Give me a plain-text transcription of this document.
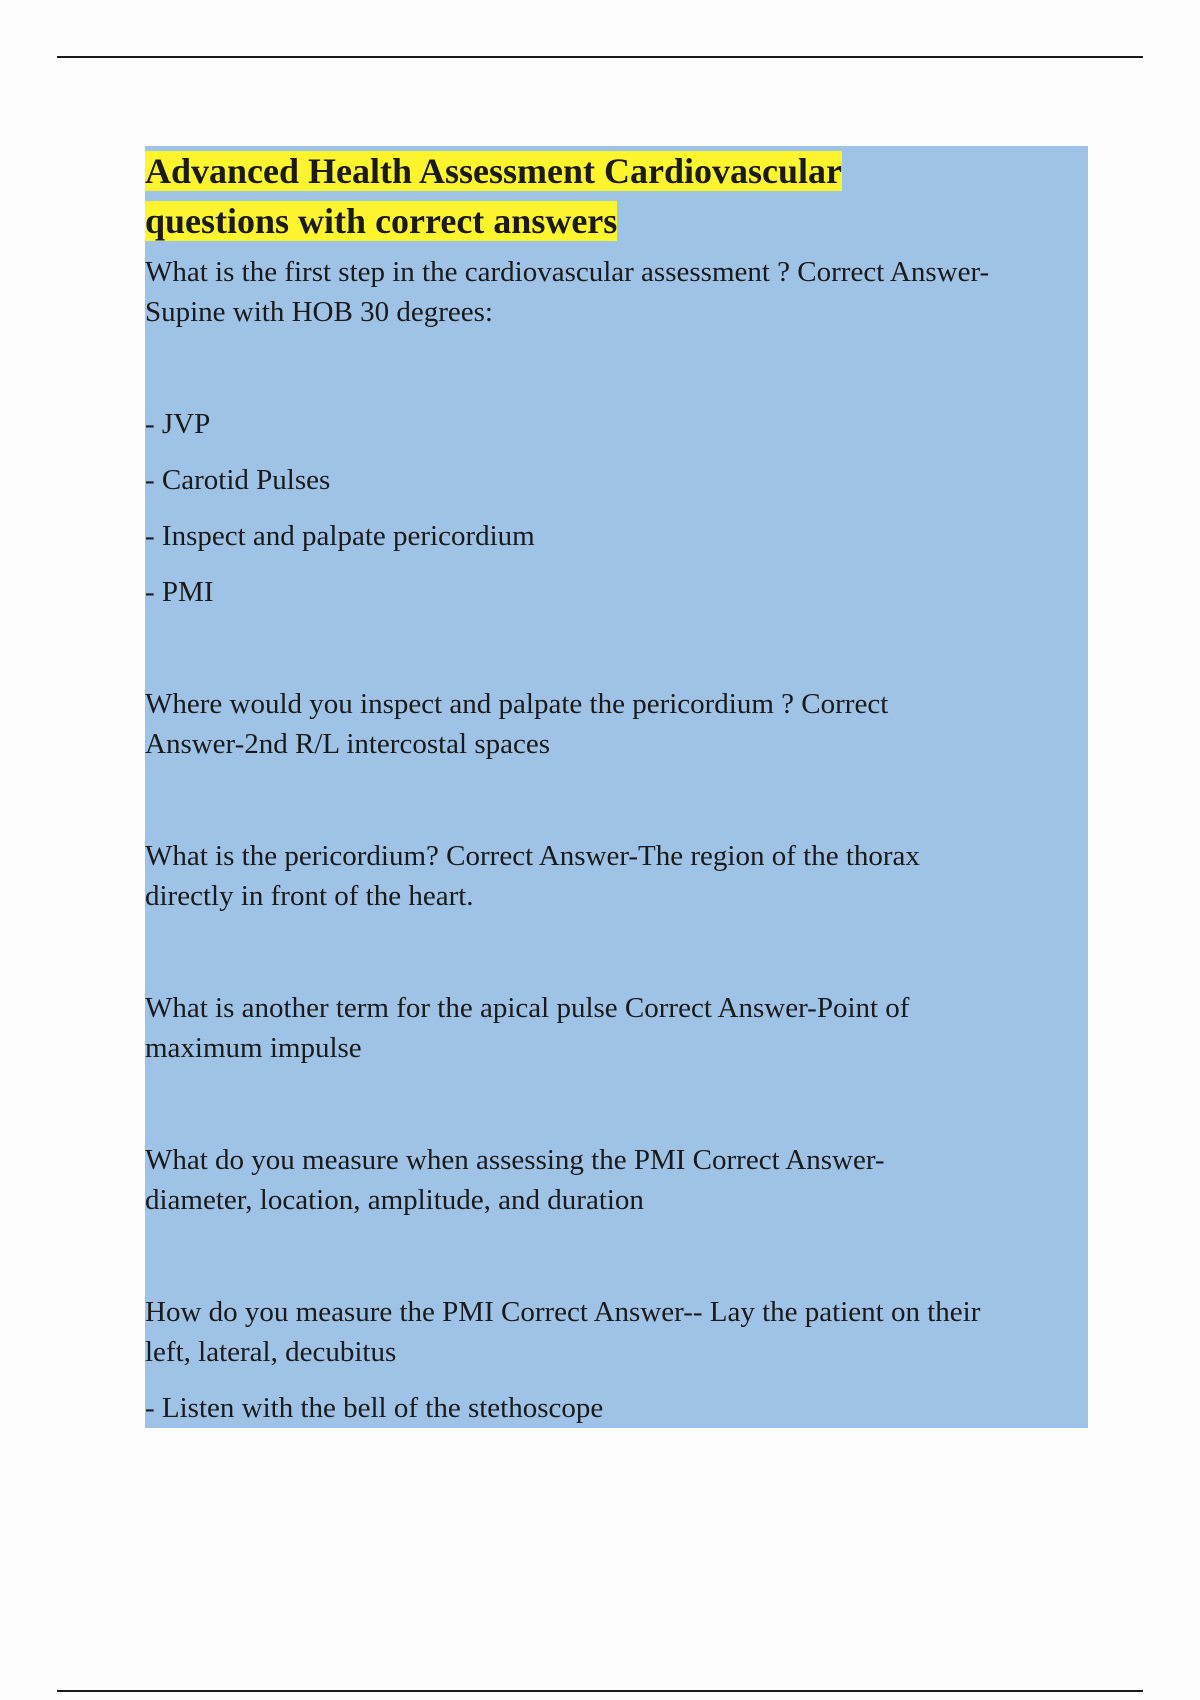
Advanced Health Assessment Cardiovascular
questions with correct answers

What is the first step in the cardiovascular assessment ? Correct Answer-

Supine with HOB 30 degrees:

- JVP

- Carotid Pulses

- Inspect and palpate pericordium

- PMI

Where would you inspect and palpate the pericordium ? Correct

Answer-2nd R/L intercostal spaces

What is the pericordium? Correct Answer-The region of the thorax

directly in front of the heart.

What is another term for the apical pulse Correct Answer-Point of

maximum impulse

What do you measure when assessing the PMI Correct Answer-

diameter, location, amplitude, and duration

How do you measure the PMI Correct Answer-- Lay the patient on their

left, lateral, decubitus

- Listen with the bell of the stethoscope
